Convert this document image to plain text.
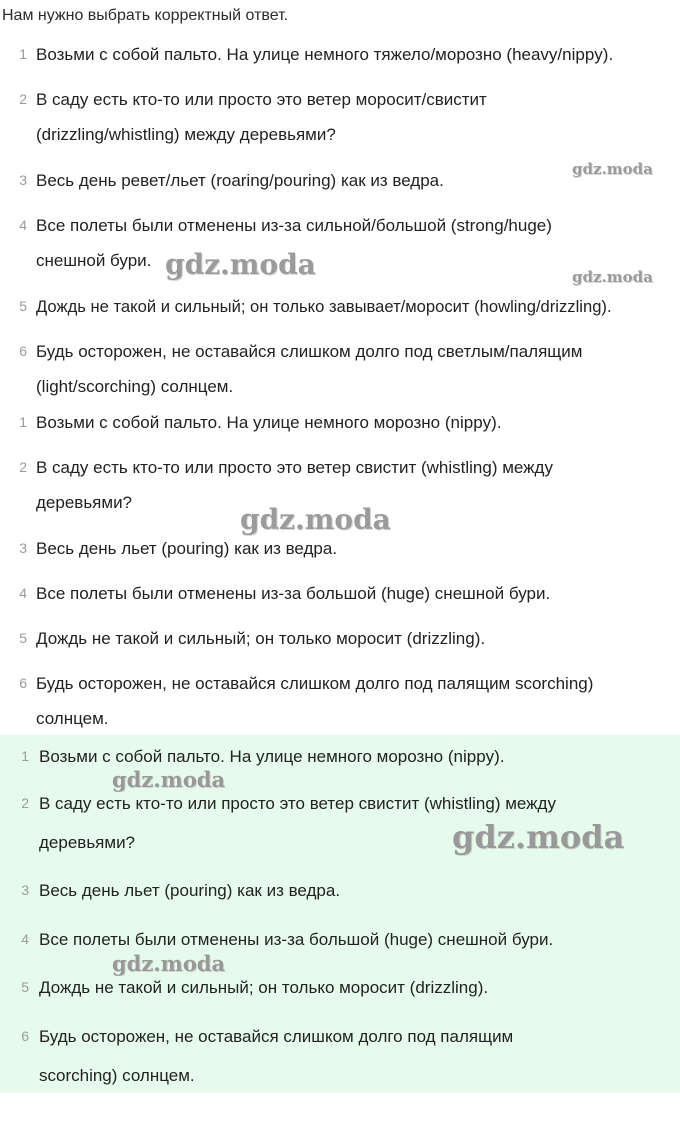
Нам нужно выбрать корректный ответ.
1 Возьми с собой пальто. На улице немного тяжело/морозно (heavy/nippy).
2 В саду есть кто-то или просто это ветер моросит/свистит
(drizzling/whistling) между деревьями?
3 Весь день ревет/льет (roaring/pouring) как из ведра.
4 Все полеты были отменены из-за сильной/большой (strong/huge)
снешной бури.
5 Дождь не такой и сильный; он только завывает/моросит (howling/drizzling).
6 Будь осторожен, не оставайся слишком долго под светлым/палящим
(light/scorching) солнцем.
1 Возьми с собой пальто. На улице немного морозно (nippy).
2 В саду есть кто-то или просто это ветер свистит (whistling) между
деревьями?
3 Весь день льет (pouring) как из ведра.
4 Все полеты были отменены из-за большой (huge) снешной бури.
5 Дождь не такой и сильный; он только моросит (drizzling).
6 Будь осторожен, не оставайся слишком долго под палящим scorching)
солнцем.
1 Возьми с собой пальто. На улице немного морозно (nippy).
2 В саду есть кто-то или просто это ветер свистит (whistling) между
деревьями?
3 Весь день льет (pouring) как из ведра.
4 Все полеты были отменены из-за большой (huge) снешной бури.
5 Дождь не такой и сильный; он только моросит (drizzling).
6 Будь осторожен, не оставайся слишком долго под палящим
scorching) солнцем.
gdz.moda
gdz.moda	gdz.moda
gdz.moda
gdz.moda
gdz.moda
gdz.moda
